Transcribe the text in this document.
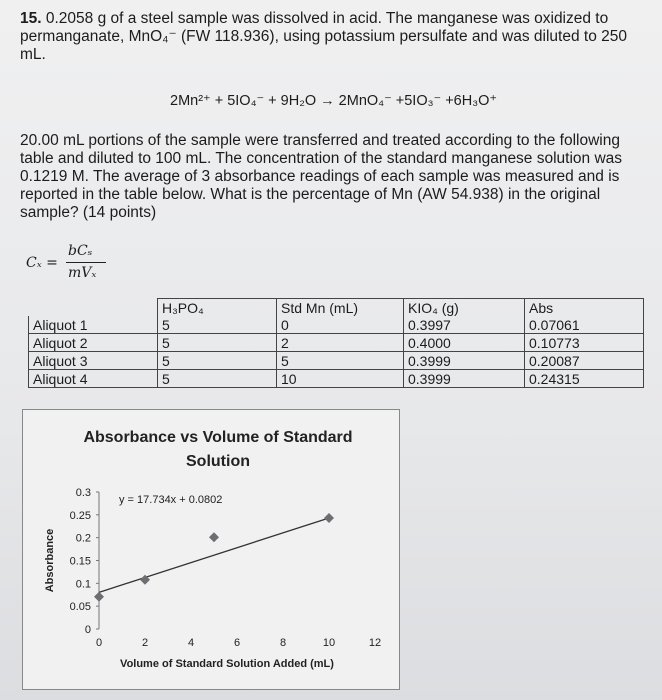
15. 0.2058 g of a steel sample was dissolved in acid. The manganese was oxidized to permanganate, MnO₄⁻ (FW 118.936), using potassium persulfate and was diluted to 250 mL.
2Mn²⁺ + 5IO₄⁻ + 9H₂O → 2MnO₄⁻ +5IO₃⁻ +6H₃O⁺
20.00 mL portions of the sample were transferred and treated according to the following table and diluted to 100 mL. The concentration of the standard manganese solution was 0.1219 M. The average of 3 absorbance readings of each sample was measured and is reported in the table below. What is the percentage of Mn (AW 54.938) in the original sample? (14 points)
Cₓ =
bCₛ
mVₓ
	H₃PO₄	Std Mn (mL)	KIO₄ (g)	Abs
Aliquot 1	5	0	0.3997	0.07061
Aliquot 2	5	2	0.4000	0.10773
Aliquot 3	5	5	0.3999	0.20087
Aliquot 4	5	10	0.3999	0.24315
Absorbance vs Volume of Standard Solution
0
0.05
0.1
0.15
0.2
0.25
0.3
0	2	4	6	8	10	12
Volume of Standard Solution Added (mL)
Absorbance
y = 17.734x + 0.0802
